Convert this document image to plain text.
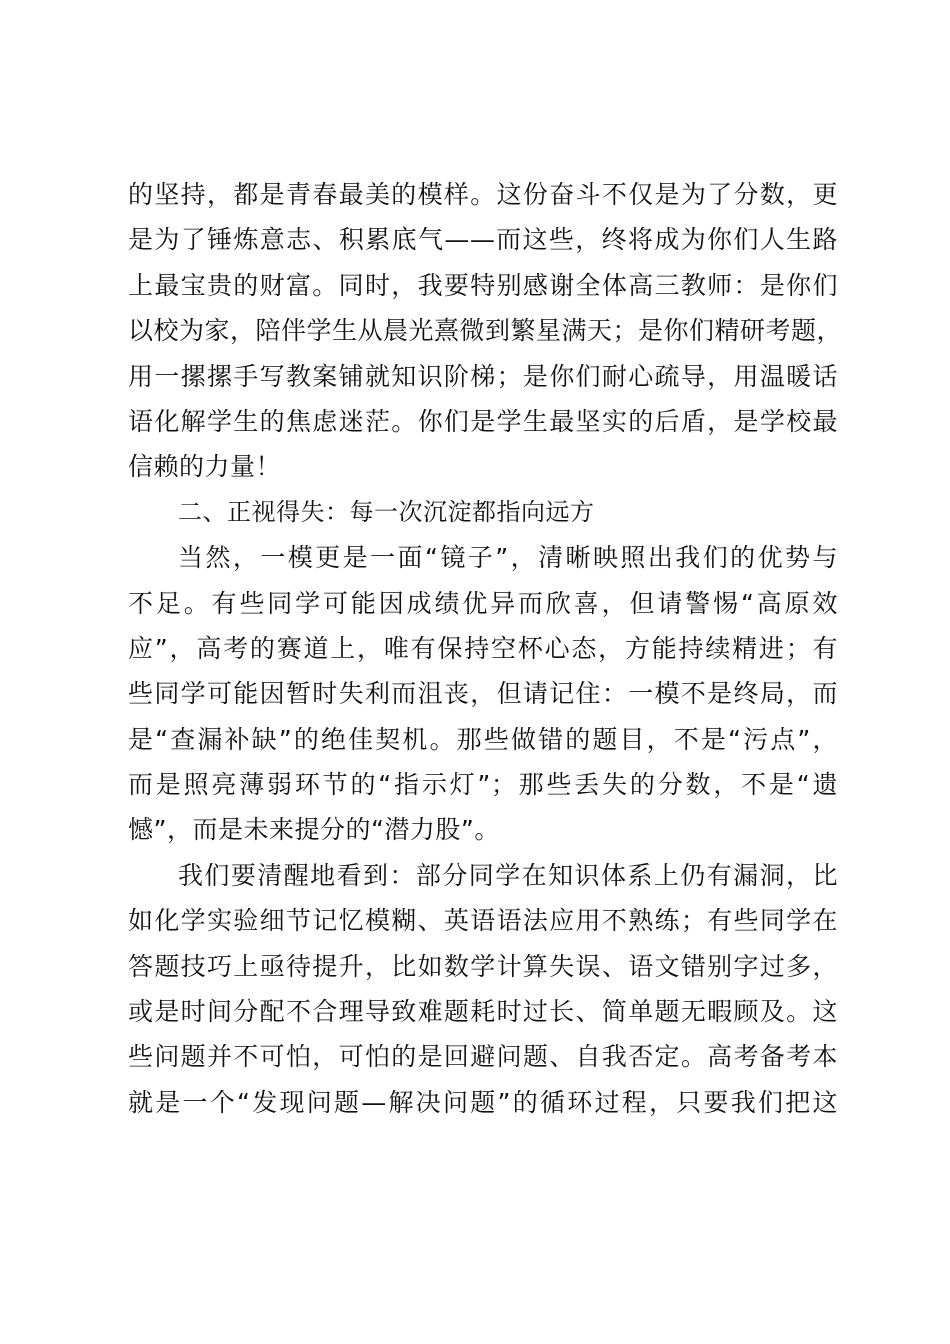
的坚持，都是青春最美的模样。这份奋斗不仅是为了分数，更
是为了锤炼意志、积累底气——而这些，终将成为你们人生路
上最宝贵的财富。同时，我要特别感谢全体高三教师：是你们
以校为家，陪伴学生从晨光熹微到繁星满天；是你们精研考题，
用一摞摞手写教案铺就知识阶梯；是你们耐心疏导，用温暖话
语化解学生的焦虑迷茫。你们是学生最坚实的后盾，是学校最
信赖的力量！
二、正视得失：每一次沉淀都指向远方
当然，一模更是一面“镜子”，清晰映照出我们的优势与
不足。有些同学可能因成绩优异而欣喜，但请警惕“高原效
应”，高考的赛道上，唯有保持空杯心态，方能持续精进；有
些同学可能因暂时失利而沮丧，但请记住：一模不是终局，而
是“查漏补缺”的绝佳契机。那些做错的题目，不是“污点”，
而是照亮薄弱环节的“指示灯”；那些丢失的分数，不是“遗
憾”，而是未来提分的“潜力股”。
我们要清醒地看到：部分同学在知识体系上仍有漏洞，比
如化学实验细节记忆模糊、英语语法应用不熟练；有些同学在
答题技巧上亟待提升，比如数学计算失误、语文错别字过多，
或是时间分配不合理导致难题耗时过长、简单题无暇顾及。这
些问题并不可怕，可怕的是回避问题、自我否定。高考备考本
就是一个“发现问题—解决问题”的循环过程，只要我们把这
